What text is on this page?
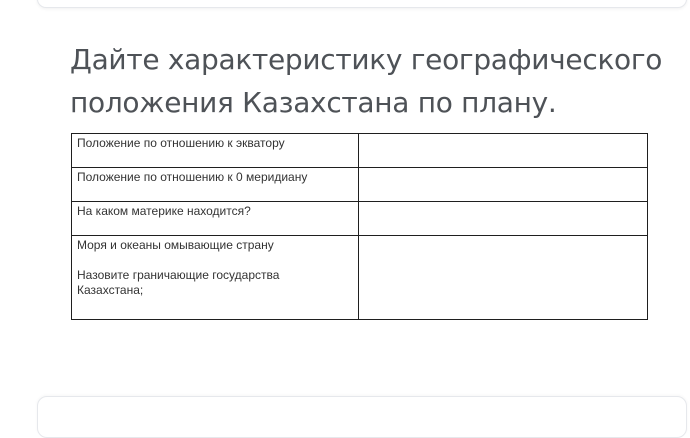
Дайте характеристику географического
положения Казахстана по плану.
Положение по отношению к экватору	
Положение по отношению к 0 меридиану	
На каком материке находится?	

Моря и океаны омывающие страну
Назовите граничающие государства
Казахстана;	
